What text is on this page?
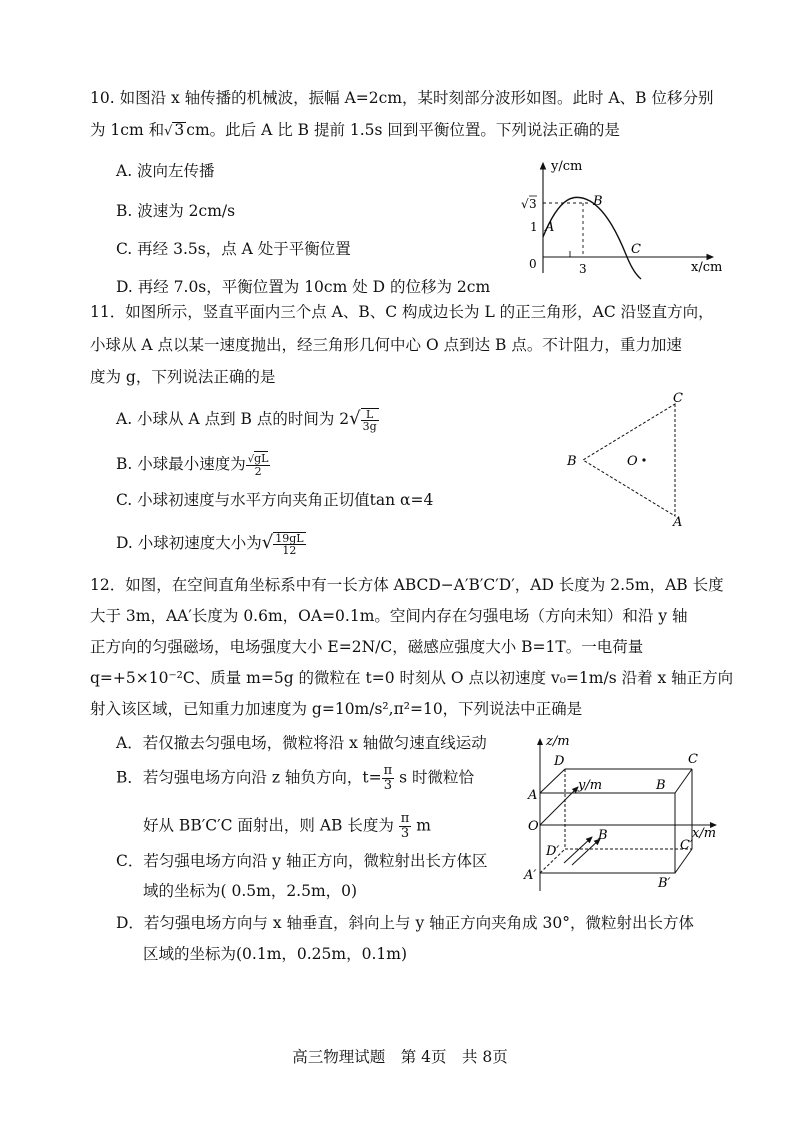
10. 如图沿 x 轴传播的机械波，振幅 A=2cm，某时刻部分波形如图。此时 A、B 位移分别
为 1cm 和√ 3 cm。此后 A 比 B 提前 1.5s 回到平衡位置。下列说法正确的是
A. 波向左传播
B. 波速为 2cm/s
C. 再经 3.5s，点 A 处于平衡位置
D. 再经 7.0s，平衡位置为 10cm 处 D 的位移为 2cm
y/cm
x/cm
0
√ 3
1
3
A
B
C
11．如图所示，竖直平面内三个点 A、B、C 构成边长为 L 的正三角形，AC 沿竖直方向，
小球从 A 点以某一速度抛出，经三角形几何中心 O 点到达 B 点。不计阻力，重力加速
度为 g，下列说法正确的是
A. 小球从 A 点到 B 点的时间为 $2√ \frac{L}{3g}$
B. 小球最小速度为 $\frac{√gL}{2}$
C. 小球初速度与水平方向夹角正切值tan α=4
D. 小球初速度大小为√ $\frac{19gL}{12}$
C
A
B	O
12．如图，在空间直角坐标系中有一长方体 ABCD−A′B′C′D′，AD 长度为 2.5m，AB 长度
大于 3m，AA′长度为 0.6m，OA=0.1m。空间内存在匀强电场（方向未知）和沿 y 轴
正方向的匀强磁场，电场强度大小 E=2N/C，磁感应强度大小 B=1T。一电荷量
q=+5×10⁻²C、质量 m=5g 的微粒在 t=0 时刻从 O 点以初速度 v₀=1m/s 沿着 x 轴正方向
射入该区域，已知重力加速度为 g=10m/s²,π²=10，下列说法中正确是
A．若仅撤去匀强电场，微粒将沿 x 轴做匀速直线运动
B．若匀强电场方向沿 z 轴负方向，$t= \frac{\pi}{3}$ s 时微粒恰
好从 BB′C′C 面射出，则 AB 长度为 $\frac{\pi}{3}$ m
C．若匀强电场方向沿 y 轴正方向，微粒射出长方体区
域的坐标为( 0.5m，2.5m，0)
D．若匀强电场方向与 x 轴垂直，斜向上与 y 轴正方向夹角成 30°，微粒射出长方体
区域的坐标为(0.1m，0.25m，0.1m)
z/m
y/m
x/m
D	C
A
B
O
D′	C′
A′
B′
B
高三物理试题　第 4页　共 8页
